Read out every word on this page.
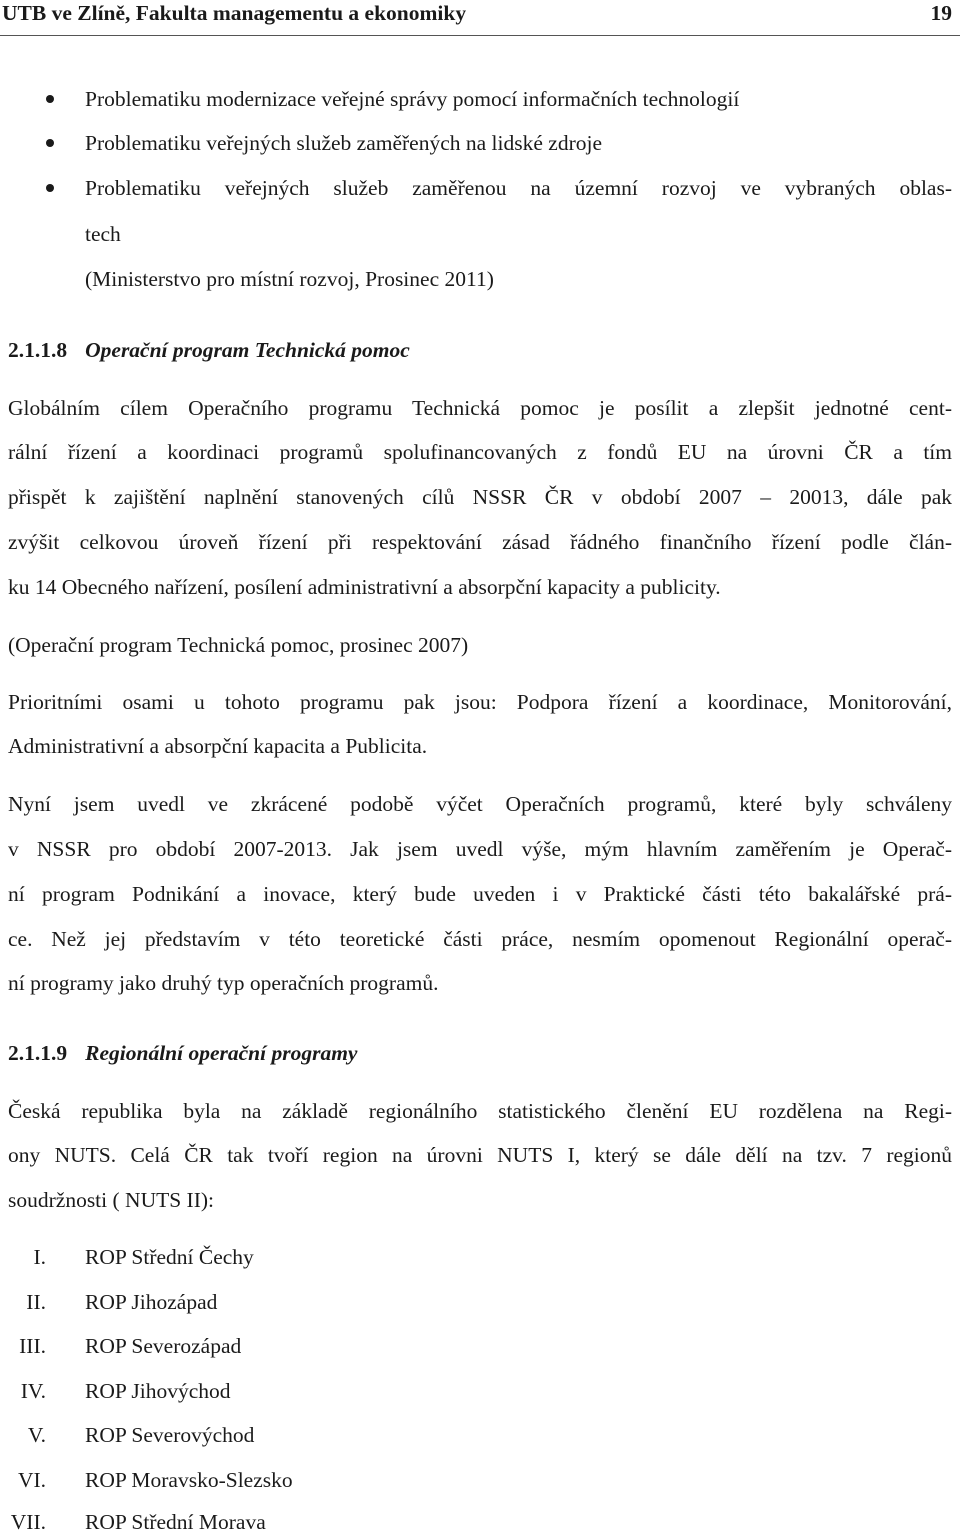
UTB ve Zlíně, Fakulta managementu a ekonomiky	19
Problematiku modernizace veřejné správy pomocí informačních technologií
Problematiku veřejných služeb zaměřených na lidské zdroje
Problematiku veřejných služeb zaměřenou na územní rozvoj ve vybraných oblas-
tech
(Ministerstvo pro místní rozvoj, Prosinec 2011)
2.1.1.8 Operační program Technická pomoc
Globálním cílem Operačního programu Technická pomoc je posílit a zlepšit jednotné cent-
rální řízení a koordinaci programů spolufinancovaných z fondů EU na úrovni ČR a tím
přispět k zajištění naplnění stanovených cílů NSSR ČR v období 2007 – 20013, dále pak
zvýšit celkovou úroveň řízení při respektování zásad řádného finančního řízení podle člán-
ku 14 Obecného nařízení, posílení administrativní a absorpční kapacity a publicity.
(Operační program Technická pomoc, prosinec 2007)
Prioritními osami u tohoto programu pak jsou: Podpora řízení a koordinace, Monitorování,
Administrativní a absorpční kapacita a Publicita.
Nyní jsem uvedl ve zkrácené podobě výčet Operačních programů, které byly schváleny
v NSSR pro období 2007-2013. Jak jsem uvedl výše, mým hlavním zaměřením je Operač-
ní program Podnikání a inovace, který bude uveden i v Praktické části této bakalářské prá-
ce. Než jej představím v této teoretické části práce, nesmím opomenout Regionální operač-
ní programy jako druhý typ operačních programů.
2.1.1.9 Regionální operační programy
Česká republika byla na základě regionálního statistického členění EU rozdělena na Regi-
ony NUTS. Celá ČR tak tvoří region na úrovni NUTS I, který se dále dělí na tzv. 7 regionů
soudržnosti ( NUTS II):
I. ROP Střední Čechy
II. ROP Jihozápad
III. ROP Severozápad
IV. ROP Jihovýchod
V. ROP Severovýchod
VI. ROP Moravsko-Slezsko
VII. ROP Střední Morava
